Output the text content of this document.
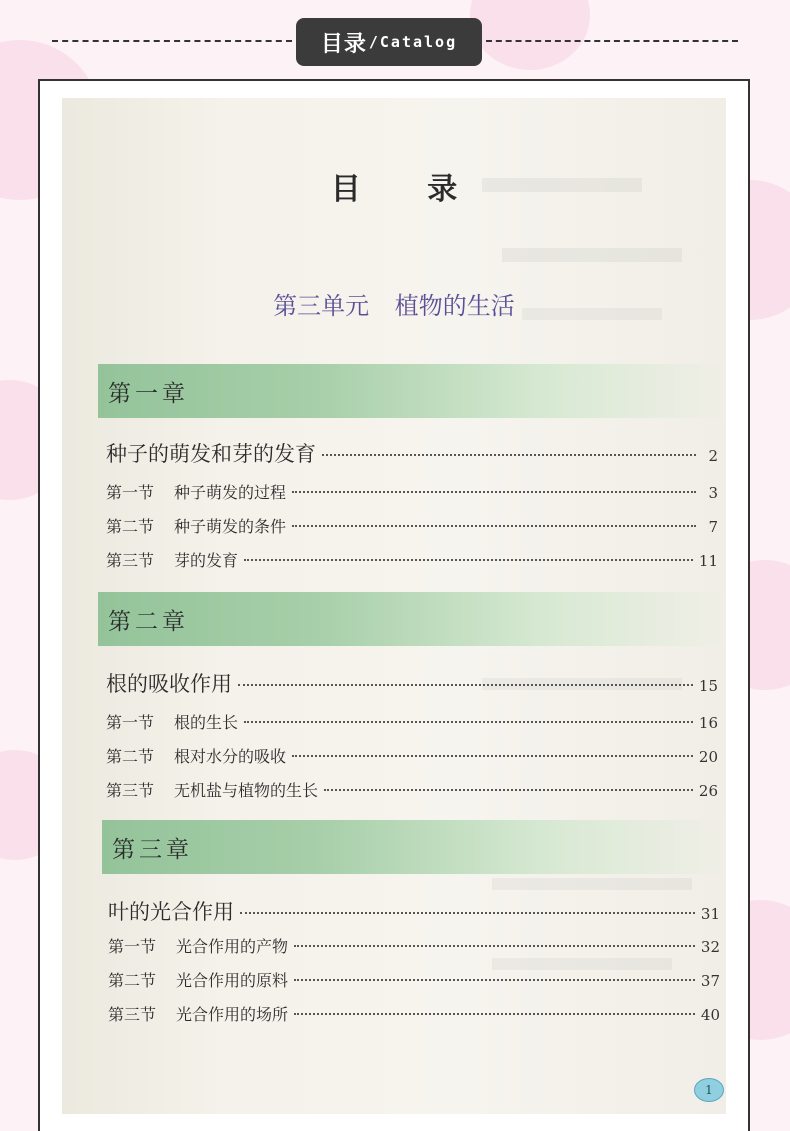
目录 /Catalog
目 录
第三单元 植物的生活
第一章
种子的萌发和芽的发育	2
第一节 种子萌发的过程	3
第二节 种子萌发的条件	7
第三节 芽的发育	11
第二章
根的吸收作用	15
第一节 根的生长	16
第二节 根对水分的吸收	20
第三节 无机盐与植物的生长	26
第三章
叶的光合作用	31
第一节 光合作用的产物	32
第二节 光合作用的原料	37
第三节 光合作用的场所	40
1
